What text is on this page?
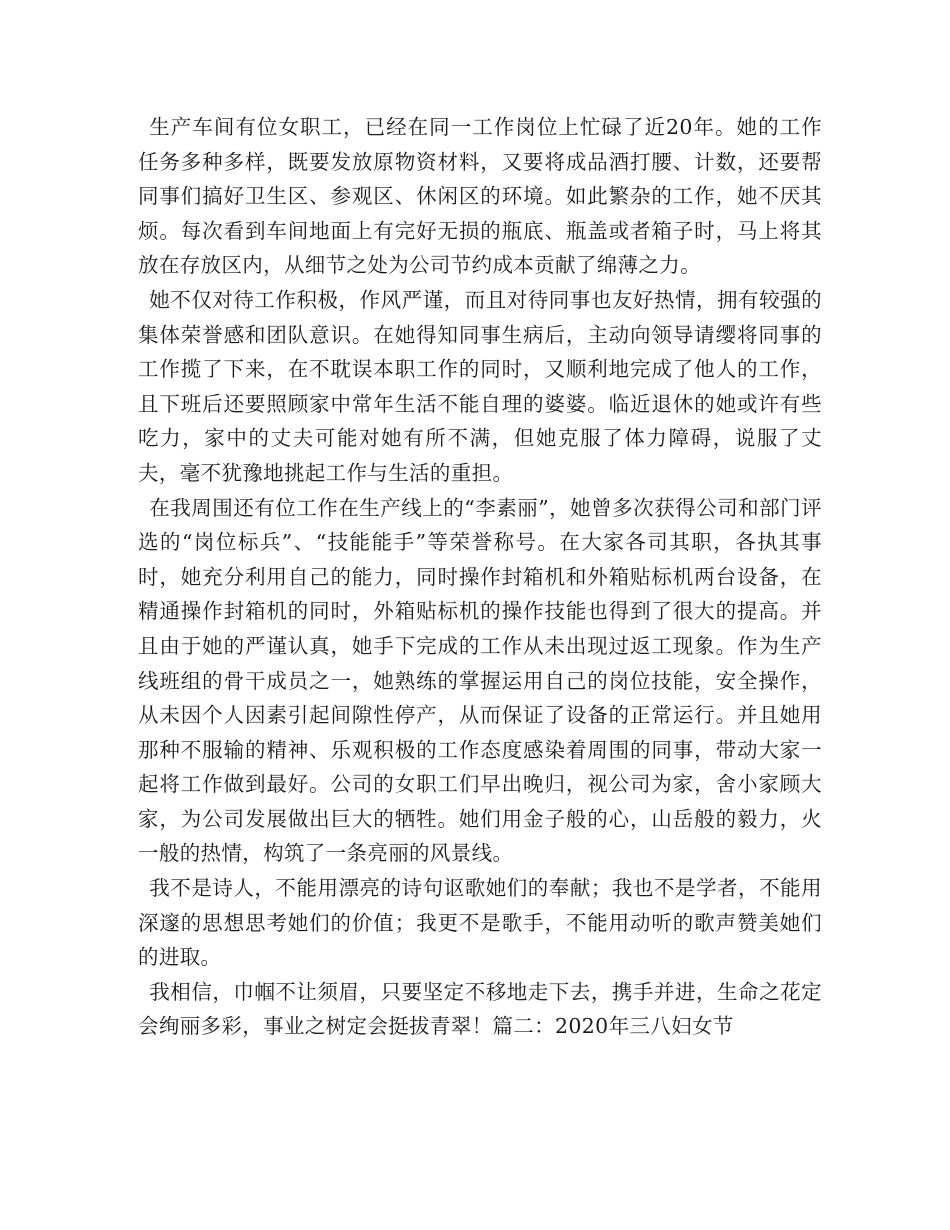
生产车间有位女职工，已经在同一工作岗位上忙碌了近20年。她的工作任务多种多样，既要发放原物资材料，又要将成品酒打腰、计数，还要帮同事们搞好卫生区、参观区、休闲区的环境。如此繁杂的工作，她不厌其烦。每次看到车间地面上有完好无损的瓶底、瓶盖或者箱子时，马上将其放在存放区内，从细节之处为公司节约成本贡献了绵薄之力。

她不仅对待工作积极，作风严谨，而且对待同事也友好热情，拥有较强的集体荣誉感和团队意识。在她得知同事生病后，主动向领导请缨将同事的工作揽了下来，在不耽误本职工作的同时，又顺利地完成了他人的工作，且下班后还要照顾家中常年生活不能自理的婆婆。临近退休的她或许有些吃力，家中的丈夫可能对她有所不满，但她克服了体力障碍，说服了丈夫，毫不犹豫地挑起工作与生活的重担。

在我周围还有位工作在生产线上的“李素丽”，她曾多次获得公司和部门评选的“岗位标兵”、“技能能手”等荣誉称号。在大家各司其职，各执其事时，她充分利用自己的能力，同时操作封箱机和外箱贴标机两台设备，在精通操作封箱机的同时，外箱贴标机的操作技能也得到了很大的提高。并且由于她的严谨认真，她手下完成的工作从未出现过返工现象。作为生产线班组的骨干成员之一，她熟练的掌握运用自己的岗位技能，安全操作，从未因个人因素引起间隙性停产，从而保证了设备的正常运行。并且她用那种不服输的精神、乐观积极的工作态度感染着周围的同事，带动大家一起将工作做到最好。公司的女职工们早出晚归，视公司为家，舍小家顾大家，为公司发展做出巨大的牺牲。她们用金子般的心，山岳般的毅力，火一般的热情，构筑了一条亮丽的风景线。

我不是诗人，不能用漂亮的诗句讴歌她们的奉献；我也不是学者，不能用深邃的思想思考她们的价值；我更不是歌手，不能用动听的歌声赞美她们的进取。

我相信，巾帼不让须眉，只要坚定不移地走下去，携手并进，生命之花定会绚丽多彩，事业之树定会挺拔青翠！篇二：2020年三八妇女节
